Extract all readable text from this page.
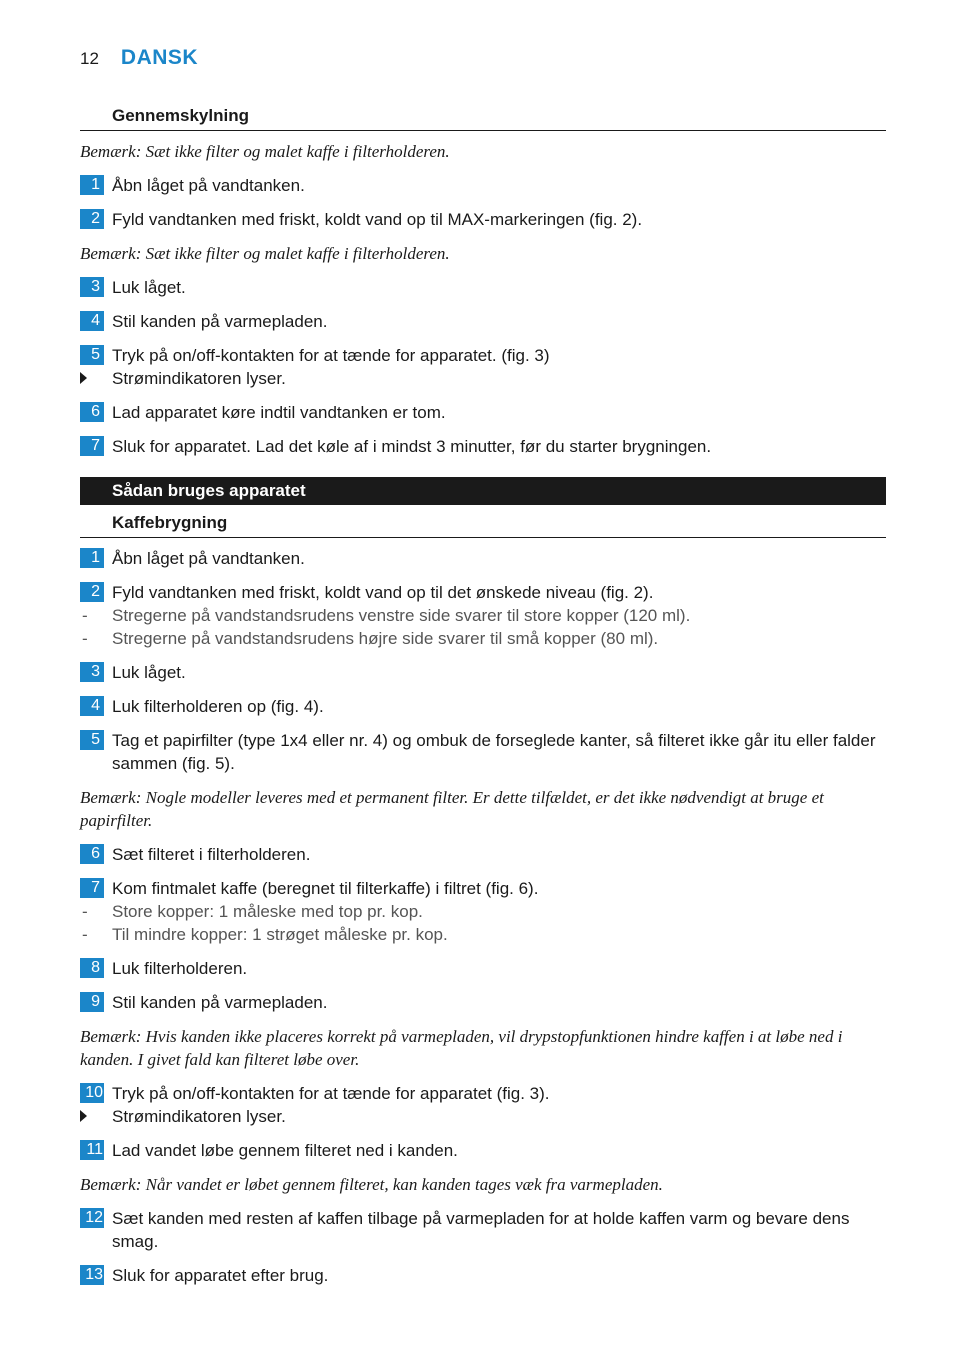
12 DANSK
Gennemskylning
Bemærk: Sæt ikke filter og malet kaffe i filterholderen.
1 Åbn låget på vandtanken.
2 Fyld vandtanken med friskt, koldt vand op til MAX-markeringen (fig. 2).
Bemærk: Sæt ikke filter og malet kaffe i filterholderen.
3 Luk låget.
4 Stil kanden på varmepladen.
5 Tryk på on/off-kontakten for at tænde for apparatet. (fig. 3)
Strømindikatoren lyser.
6 Lad apparatet køre indtil vandtanken er tom.
7 Sluk for apparatet. Lad det køle af i mindst 3 minutter, før du starter brygningen.
Sådan bruges apparatet
Kaffebrygning
1 Åbn låget på vandtanken.
2 Fyld vandtanken med friskt, koldt vand op til det ønskede niveau (fig. 2).
- Stregerne på vandstandsrudens venstre side svarer til store kopper (120 ml).
- Stregerne på vandstandsrudens højre side svarer til små kopper (80 ml).
3 Luk låget.
4 Luk filterholderen op (fig. 4).
5 Tag et papirfilter (type 1x4 eller nr. 4) og ombuk de forseglede kanter, så filteret ikke går itu eller falder sammen (fig. 5).
Bemærk: Nogle modeller leveres med et permanent filter. Er dette tilfældet, er det ikke nødvendigt at bruge et papirfilter.
6 Sæt filteret i filterholderen.
7 Kom fintmalet kaffe (beregnet til filterkaffe) i filtret (fig. 6).
- Store kopper: 1 måleske med top pr. kop.
- Til mindre kopper: 1 strøget måleske pr. kop.
8 Luk filterholderen.
9 Stil kanden på varmepladen.
Bemærk: Hvis kanden ikke placeres korrekt på varmepladen, vil drypstopfunktionen hindre kaffen i at løbe ned i kanden. I givet fald kan filteret løbe over.
10 Tryk på on/off-kontakten for at tænde for apparatet (fig. 3).
Strømindikatoren lyser.
11 Lad vandet løbe gennem filteret ned i kanden.
Bemærk: Når vandet er løbet gennem filteret, kan kanden tages væk fra varmepladen.
12 Sæt kanden med resten af kaffen tilbage på varmepladen for at holde kaffen varm og bevare dens smag.
13 Sluk for apparatet efter brug.
